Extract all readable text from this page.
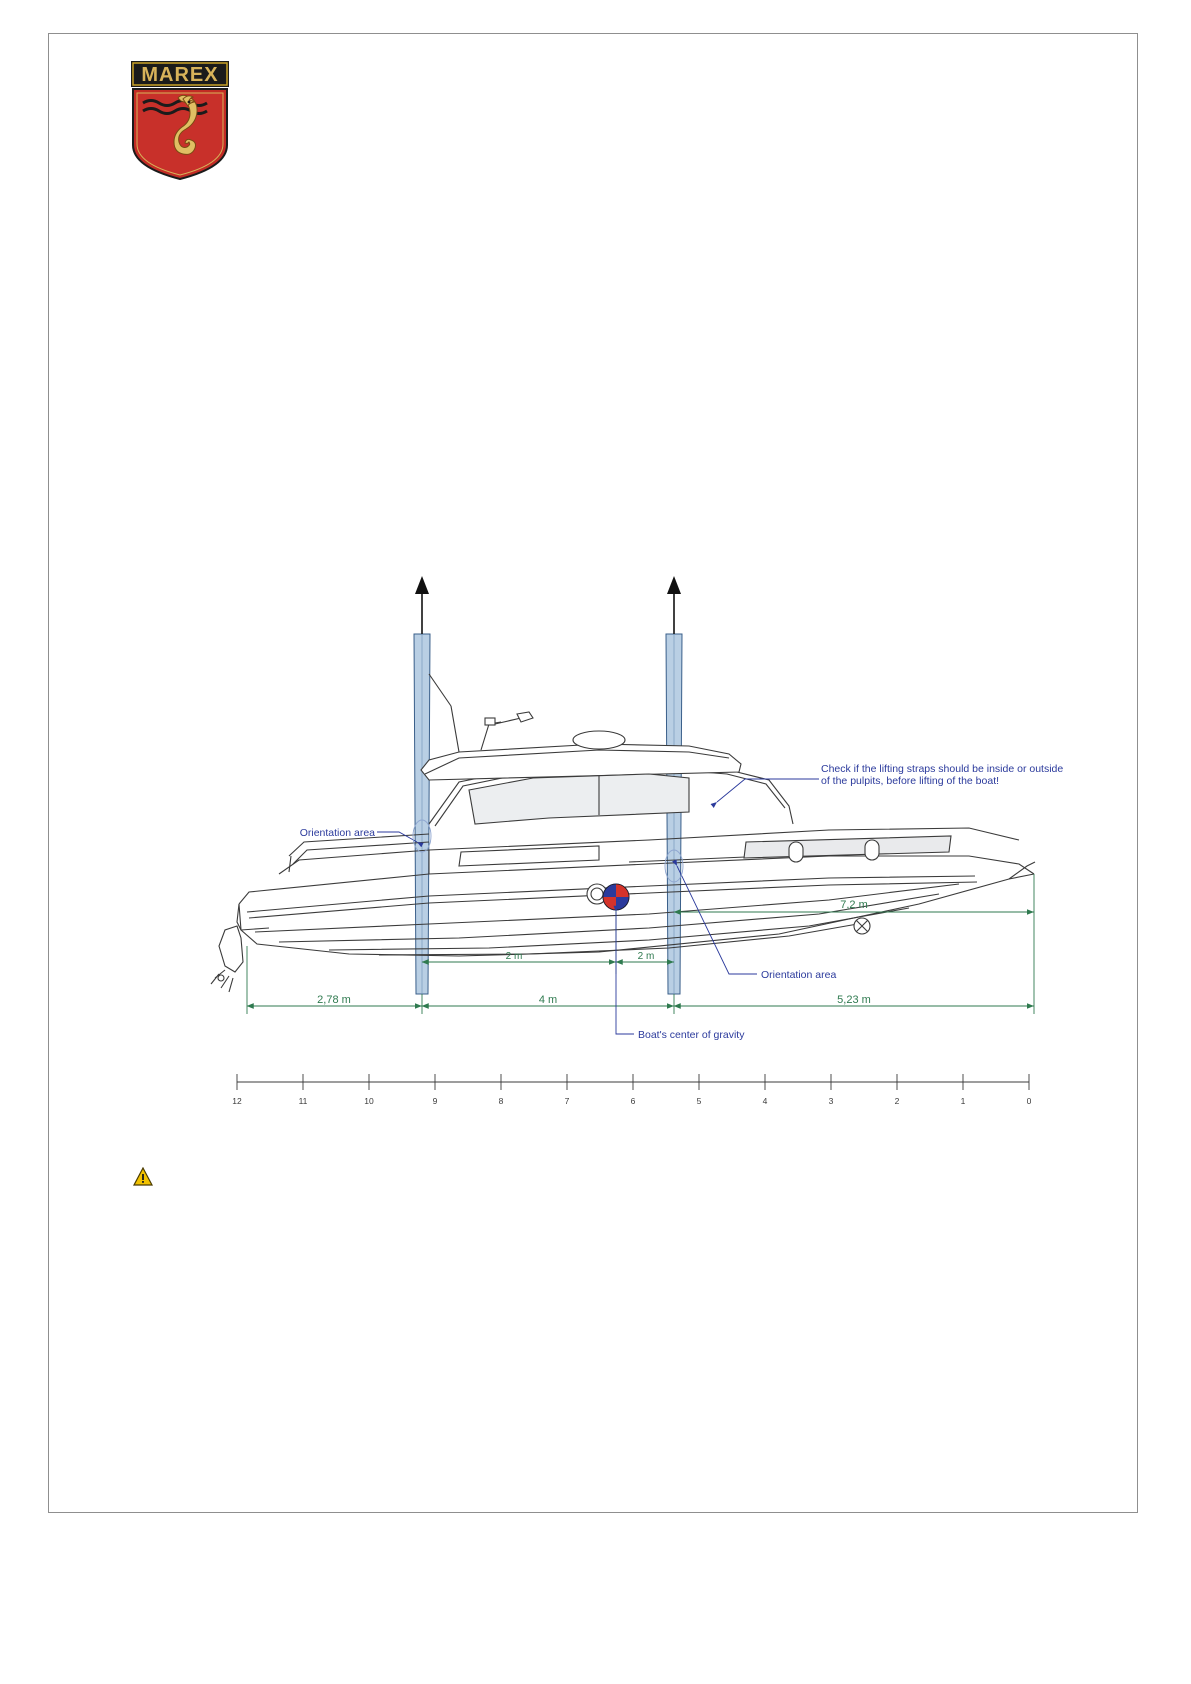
MAREX
2,78 m	4 m	5,23 m
2 m	2 m
7,2 m
Check if the lifting straps should be inside or outside
of the pulpits, before lifting of the boat!
Orientation area
Orientation area
Boat's center of gravity
12	11	10	9	8	7	6	5	4	3	2	1	0
